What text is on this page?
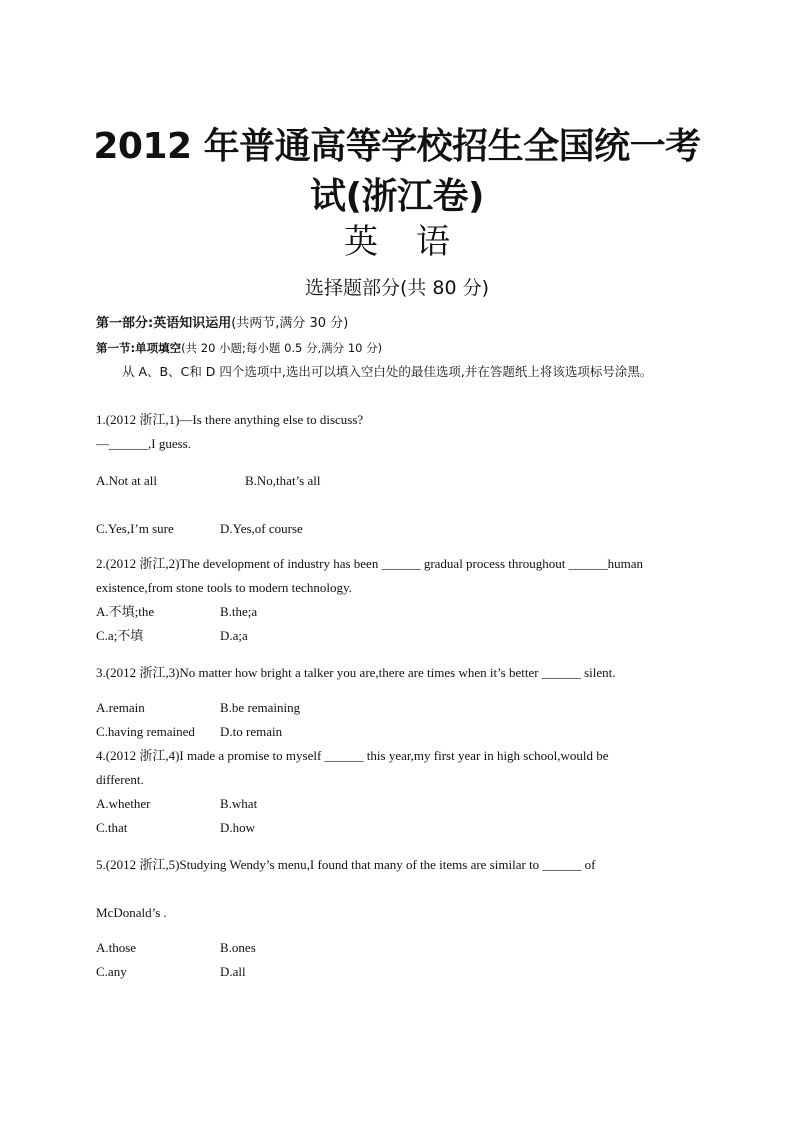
2012 年普通高等学校招生全国统一考
试(浙江卷)
英 语
选择题部分(共 80 分)
第一部分:英语知识运用(共两节,满分 30 分)
第一节:单项填空(共 20 小题;每小题 0.5 分,满分 10 分)
从 A、B、C和 D 四个选项中,选出可以填入空白处的最佳选项,并在答题纸上将该选项标号涂黑。
1.(2012 浙江,1)—Is there anything else to discuss?
—______,I guess.
A.Not at all	B.No,that’s all
C.Yes,I’m sure	D.Yes,of course
2.(2012 浙江,2)The development of industry has been ______ gradual process throughout ______human
existence,from stone tools to modern technology.
A.不填;the	B.the;a
C.a;不填	D.a;a
3.(2012 浙江,3)No matter how bright a talker you are,there are times when it’s better ______ silent.
A.remain	B.be remaining
C.having remained D.to remain
4.(2012 浙江,4)I made a promise to myself ______ this year,my first year in high school,would be
different.
A.whether	B.what
C.that	D.how
5.(2012 浙江,5)Studying Wendy’s menu,I found that many of the items are similar to ______ of
McDonald’s .
A.those	B.ones
C.any	D.all
